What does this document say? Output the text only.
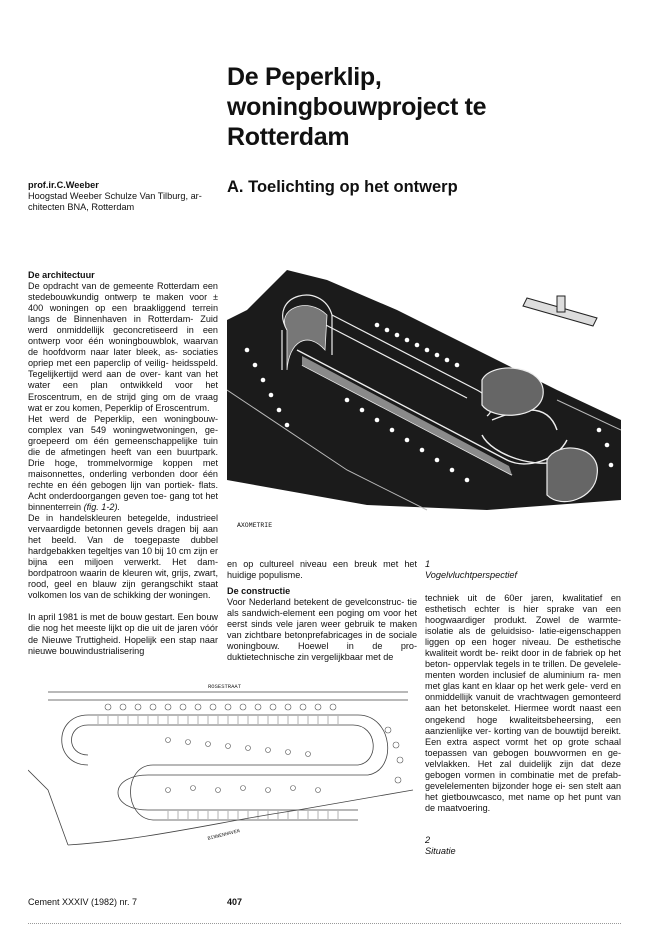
De Peperklip,
woningbouwproject te
Rotterdam
A. Toelichting op het ontwerp
prof.ir.C.Weeber
Hoogstad Weeber Schulze Van Tilburg, ar-
chitecten BNA, Rotterdam
De architectuur

De opdracht van de gemeente Rotterdam een stedebouwkundig ontwerp te maken voor ± 400 woningen op een braakliggend terrein langs de Binnenhaven in Rotterdam- Zuid werd onmiddellijk geconcretiseerd in een ontwerp voor één woningbouwblok, waarvan de hoofdvorm naar later bleek, as- sociaties opriep met een paperclip of veilig- heidsspeld. Tegelijkertijd werd aan de over- kant van het water een plan ontwikkeld voor het Eroscentrum, en de strijd ging om de vraag wat er zou komen, Peperklip of Eroscentrum.

Het werd de Peperklip, een woningbouw- complex van 549 woningwetwoningen, ge- groepeerd om één gemeenschappelijke tuin die de afmetingen heeft van een buurtpark. Drie hoge, trommelvormige koppen met maisonnettes, onderling verbonden door één rechte en één gebogen lijn van portiek- flats. Acht onderdoorgangen geven toe- gang tot het binnenterrein (fig. 1-2).

De in handelskleuren betegelde, industrieel vervaardigde betonnen gevels dragen bij aan het beeld. Van de toegepaste dubbel hardgebakken tegeltjes van 10 bij 10 cm zijn er bijna een miljoen verwerkt. Het dam- bordpatroon waarin de kleuren wit, grijs, zwart, rood, geel en blauw zijn gerangschikt staat volkomen los van de schikking der woningen.

In april 1981 is met de bouw gestart. Een bouw die nog het meeste lijkt op die uit de jaren vóór de Nieuwe Truttigheid. Hopelijk een stap naar nieuwe bouwindustrialisering

AXOMETRIE
1
Vogelvluchtperspectief

en op cultureel niveau een breuk met het huidige populisme.

De constructie

Voor Nederland betekent de gevelconstruc- tie als sandwich-element een poging om voor het eerst sinds vele jaren weer gebruik te maken van zichtbare betonprefabricages in de sociale woningbouw. Hoewel in de pro- duktietechnische zin vergelijkbaar met de

techniek uit de 60er jaren, kwalitatief en esthetisch echter is hier sprake van een hoogwaardiger produkt. Zowel de warmte-isolatie als de geluidsiso- latie-eigenschappen liggen op een hoger niveau. De esthetische kwaliteit wordt be- reikt door in de fabriek op het beton- oppervlak tegels in te trillen. De gevelele- menten worden inclusief de aluminium ra- men met glas kant en klaar op het werk gele- verd en onmiddellijk vanuit de vrachtwagen gemonteerd aan het betonskelet. Hiermee wordt naast een ongekend hoge kwaliteitsbeheersing, een aanzienlijke ver- korting van de bouwtijd bereikt. Een extra aspect vormt het op grote schaal toepassen van gebogen bouwvormen en ge- velvlakken. Het zal duidelijk zijn dat deze gebogen vormen in combinatie met de prefab-gevelelementen bijzonder hoge ei- sen stelt aan het gietbouwcasco, met name op het punt van de maatvoering.

ROSESTRAAT
BINNENHAVEN	2
Situatie
Cement XXXIV (1982) nr. 7	407
